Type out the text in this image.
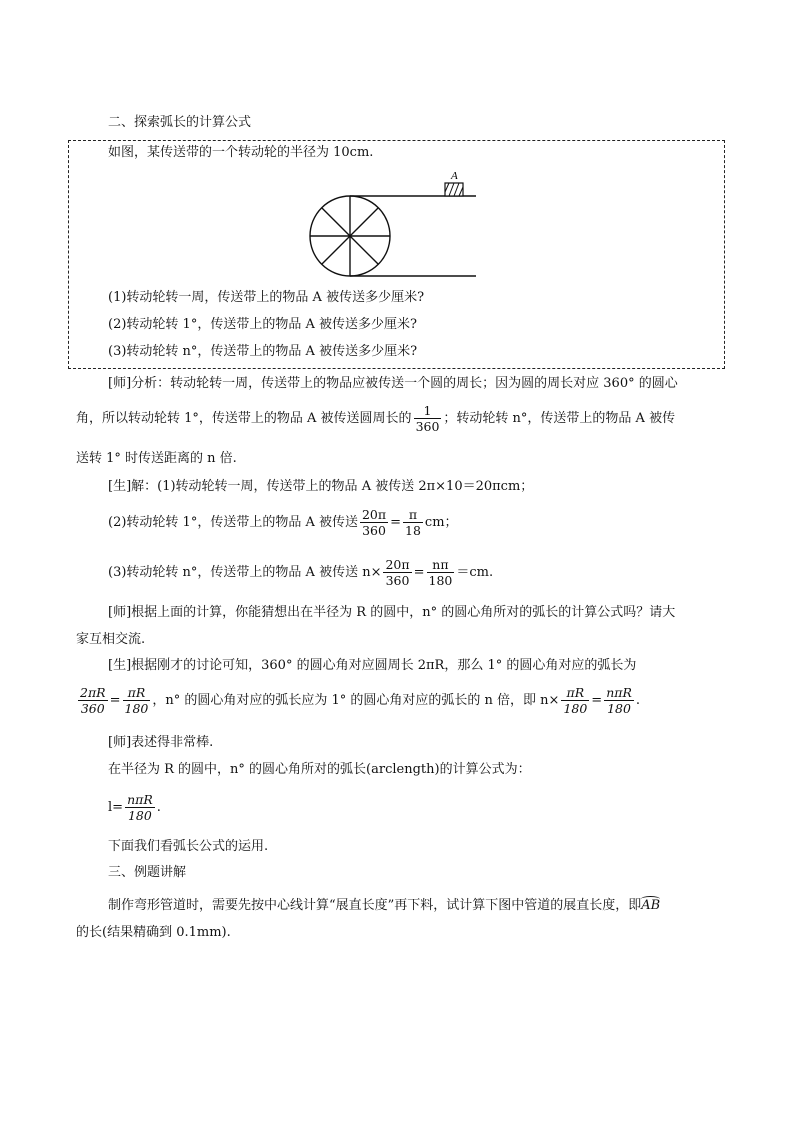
二、探索弧长的计算公式
如图，某传送带的一个转动轮的半径为 10cm.
A
(1)转动轮转一周，传送带上的物品 A 被传送多少厘米?
(2)转动轮转 1°，传送带上的物品 A 被传送多少厘米?
(3)转动轮转 n°，传送带上的物品 A 被传送多少厘米?
[师]分析：转动轮转一周，传送带上的物品应被传送一个圆的周长；因为圆的周长对应 360° 的圆心
角，所以转动轮转 1°，传送带上的物品 A 被传送圆周长的 $\frac{1}{360}$ ；转动轮转 n°，传送带上的物品 A 被传
送转 1° 时传送距离的 n 倍.
[生]解：(1)转动轮转一周，传送带上的物品 A 被传送 2π×10＝20πcm；
(2)转动轮转 1°，传送带上的物品 A 被传送 $\frac{20\pi}{360} = \frac{\pi}{18}$ cm；
(3)转动轮转 n°，传送带上的物品 A 被传送 $n\times \frac{20\pi}{360} = \frac{n\pi}{180} =cm$.
[师]根据上面的计算，你能猜想出在半径为 R 的圆中，n° 的圆心角所对的弧长的计算公式吗？请大
家互相交流.
[生]根据刚才的讨论可知，360° 的圆心角对应圆周长 2πR，那么 1° 的圆心角对应的弧长为
$\frac{2\pi R}{360} = \frac{\pi R}{180}$ ，n° 的圆心角对应的弧长应为 1° 的圆心角对应的弧长的 n 倍，即 $n\times \frac{\pi R}{180} = \frac{\text{nπR}}{180}$ .
[师]表述得非常棒.
在半径为 R 的圆中，n° 的圆心角所对的弧长(arclength)的计算公式为：
$l= \frac{\text{nπR}}{180}$ .
下面我们看弧长公式的运用.
三、例题讲解
制作弯形管道时，需要先按中心线计算“展直长度”再下料，试计算下图中管道的展直长度，即AB
的长(结果精确到 0.1mm).
